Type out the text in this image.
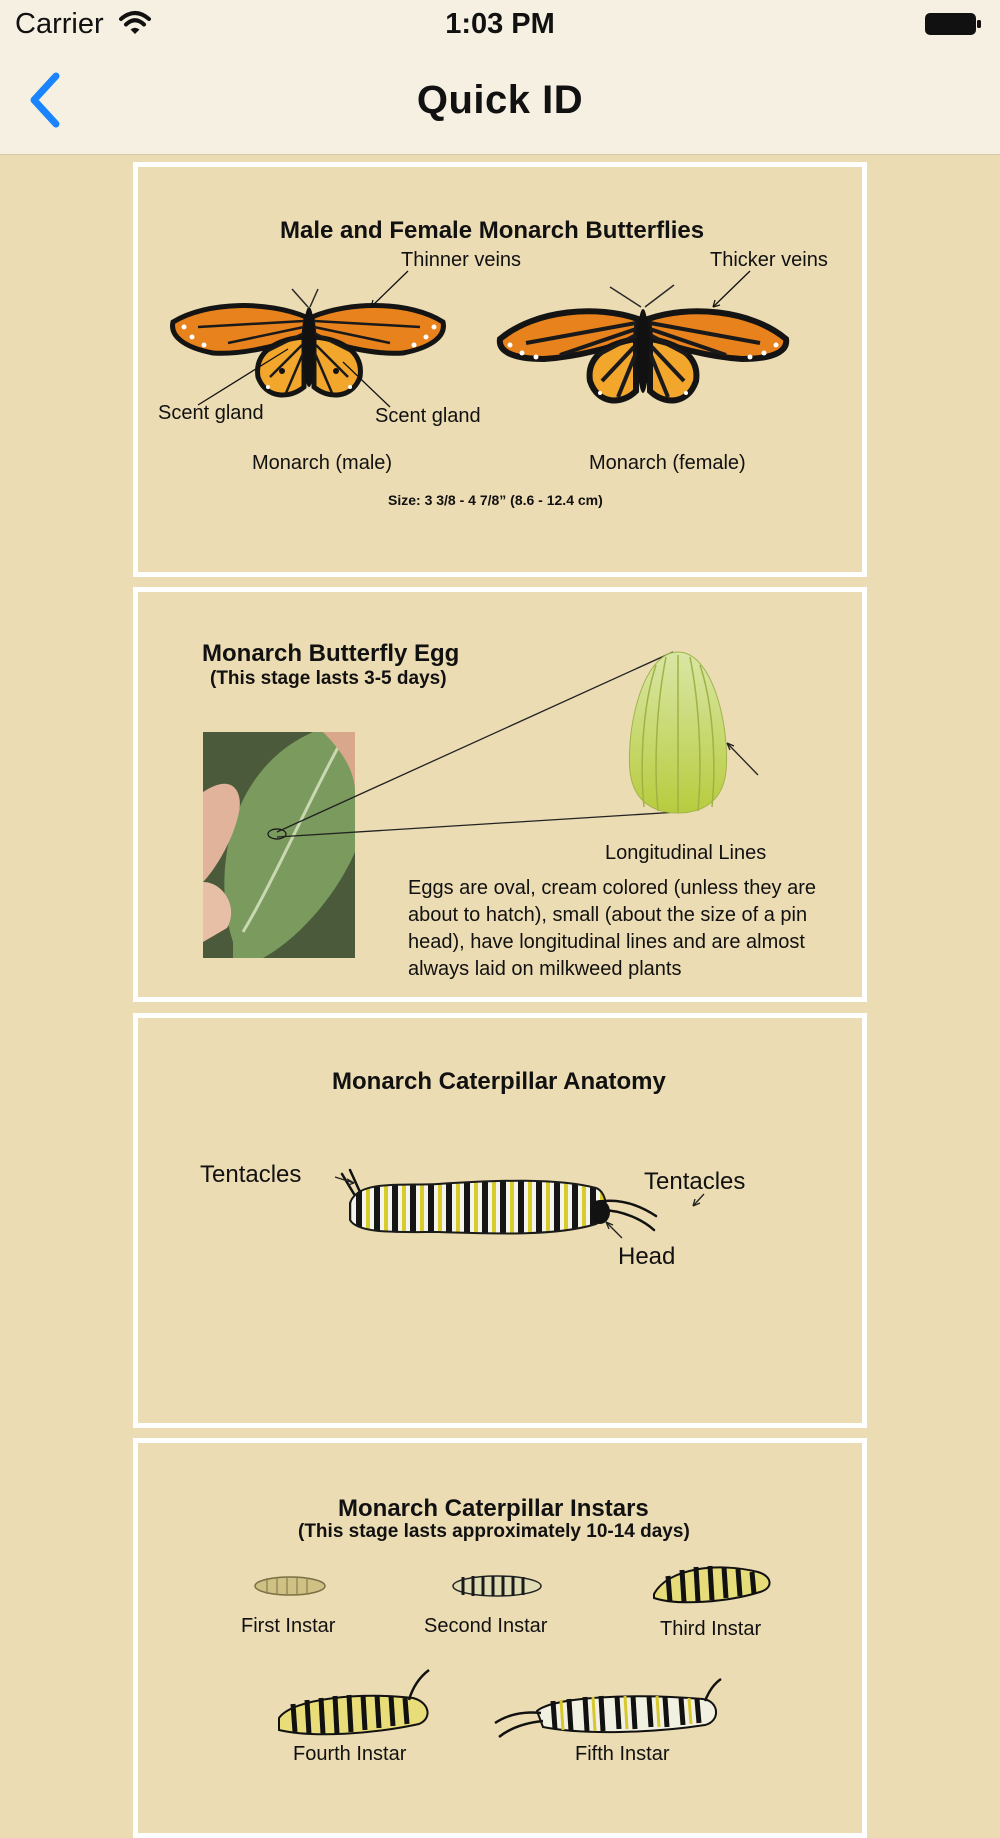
Carrier	1:03 PM
Quick ID
Male and Female Monarch Butterflies
Thinner veins	Thicker veins
Scent gland	Scent gland
Monarch (male)	Monarch (female)
Size: 3 3/8 - 4 7/8” (8.6 - 12.4 cm)
Monarch Butterfly Egg
(This stage lasts 3-5 days)
Longitudinal Lines
Eggs are oval, cream colored (unless they are
about to hatch), small (about the size of a pin
head), have longitudinal lines and are almost
always laid on milkweed plants
Monarch Caterpillar Anatomy
Tentacles	Tentacles
Head
Monarch Caterpillar Instars
(This stage lasts approximately 10-14 days)
First Instar	Second Instar	Third Instar
Fourth Instar	Fifth Instar
